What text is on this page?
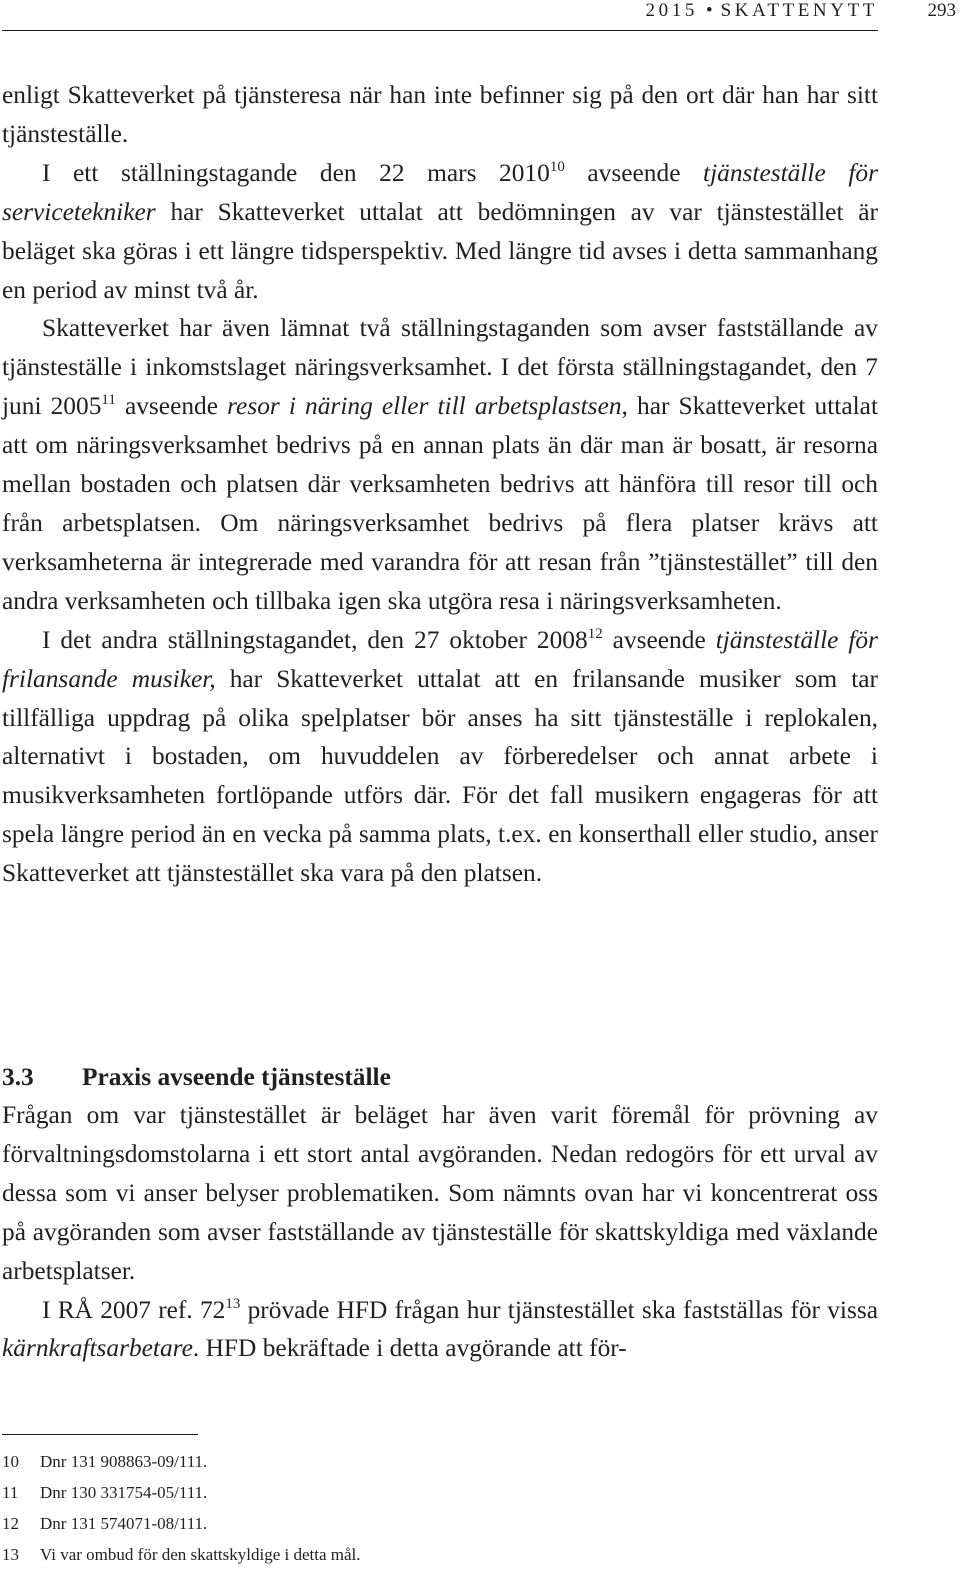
2015 • SKATTENYTT	293

enligt Skatteverket på tjänsteresa när han inte befinner sig på den ort där han har sitt tjänsteställe.

I ett ställningstagande den 22 mars 2010$^{10}$ avseende tjänsteställe för servicetekniker har Skatteverket uttalat att bedömningen av var tjänstestället är beläget ska göras i ett längre tidsperspektiv. Med längre tid avses i detta sammanhang en period av minst två år.

Skatteverket har även lämnat två ställningstaganden som avser fastställande av tjänsteställe i inkomstslaget näringsverksamhet. I det första ställningstagandet, den 7 juni 2005$^{11}$ avseende resor i näring eller till arbetsplastsen, har Skatteverket uttalat att om näringsverksamhet bedrivs på en annan plats än där man är bosatt, är resorna mellan bostaden och platsen där verksamheten bedrivs att hänföra till resor till och från arbetsplatsen. Om näringsverksamhet bedrivs på flera platser krävs att verksamheterna är integrerade med varandra för att resan från ”tjänstestället” till den andra verksamheten och tillbaka igen ska utgöra resa i näringsverksamheten.

I det andra ställningstagandet, den 27 oktober 2008$^{12}$ avseende tjänsteställe för frilansande musiker, har Skatteverket uttalat att en frilansande musiker som tar tillfälliga uppdrag på olika spelplatser bör anses ha sitt tjänsteställe i replokalen, alternativt i bostaden, om huvuddelen av förberedelser och annat arbete i musikverksamheten fortlöpande utförs där. För det fall musikern engageras för att spela längre period än en vecka på samma plats, t.ex. en konserthall eller studio, anser Skatteverket att tjänstestället ska vara på den platsen.

3.3 Praxis avseende tjänsteställe

Frågan om var tjänstestället är beläget har även varit föremål för prövning av förvaltningsdomstolarna i ett stort antal avgöranden. Nedan redogörs för ett urval av dessa som vi anser belyser problematiken. Som nämnts ovan har vi koncentrerat oss på avgöranden som avser fastställande av tjänsteställe för skattskyldiga med växlande arbetsplatser.

I RÅ 2007 ref. $72^{13}$ prövade HFD frågan hur tjänstestället ska fastställas för vissa kärnkraftsarbetare. HFD bekräftade i detta avgörande att för-

10 Dnr 131 908863-09/111.
11 Dnr 130 331754-05/111.
12 Dnr 131 574071-08/111.
13 Vi var ombud för den skattskyldige i detta mål.
